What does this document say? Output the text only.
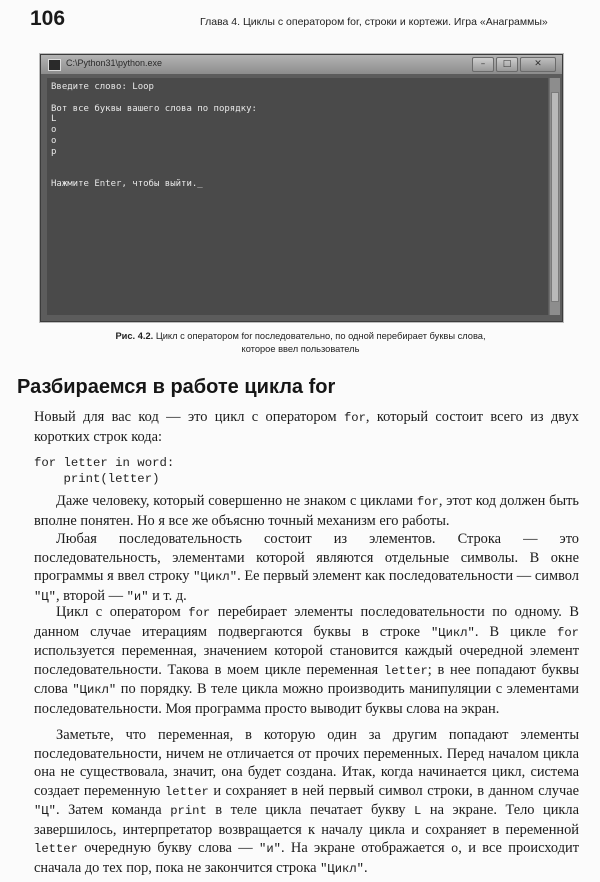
106	Глава 4. Циклы с оператором for, строки и кортежи. Игра «Анаграммы»
C:\Python31\python.exe	–	□	✕
Введите слово: Loop
Вот все буквы вашего слова по порядку:
L
o
o
p
Нажмите Enter, чтобы выйти._
Рис. 4.2. Цикл с оператором for последовательно, по одной перебирает буквы слова,
которое ввел пользователь
Разбираемся в работе цикла for
Новый для вас код — это цикл с оператором for, который состоит всего из двух коротких строк кода:
for letter in word:
print(letter)
Даже человеку, который совершенно не знаком с циклами for, этот код должен быть вполне понятен. Но я все же объясню точный механизм его работы.
Любая последовательность состоит из элементов. Строка — это последовательность, элементами которой являются отдельные символы. В окне программы я ввел строку "Цикл". Ее первый элемент как последовательности — символ "Ц", второй — "и" и т. д.
Цикл с оператором for перебирает элементы последовательности по одному. В данном случае итерациям подвергаются буквы в строке "Цикл". В цикле for используется переменная, значением которой становится каждый очередной элемент последовательности. Такова в моем цикле переменная letter; в нее попадают буквы слова "Цикл" по порядку. В теле цикла можно производить манипуляции с элементами последовательности. Моя программа просто выводит буквы слова на экран.
Заметьте, что переменная, в которую один за другим попадают элементы последовательности, ничем не отличается от прочих переменных. Перед началом цикла она не существовала, значит, она будет создана. Итак, когда начинается цикл, система создает переменную letter и сохраняет в ней первый символ строки, в данном случае "Ц". Затем команда print в теле цикла печатает букву L на экране. Тело цикла завершилось, интерпретатор возвращается к началу цикла и сохраняет в переменной letter очередную букву слова — "и". На экране отображается o, и все происходит сначала до тех пор, пока не закончится строка "Цикл".
